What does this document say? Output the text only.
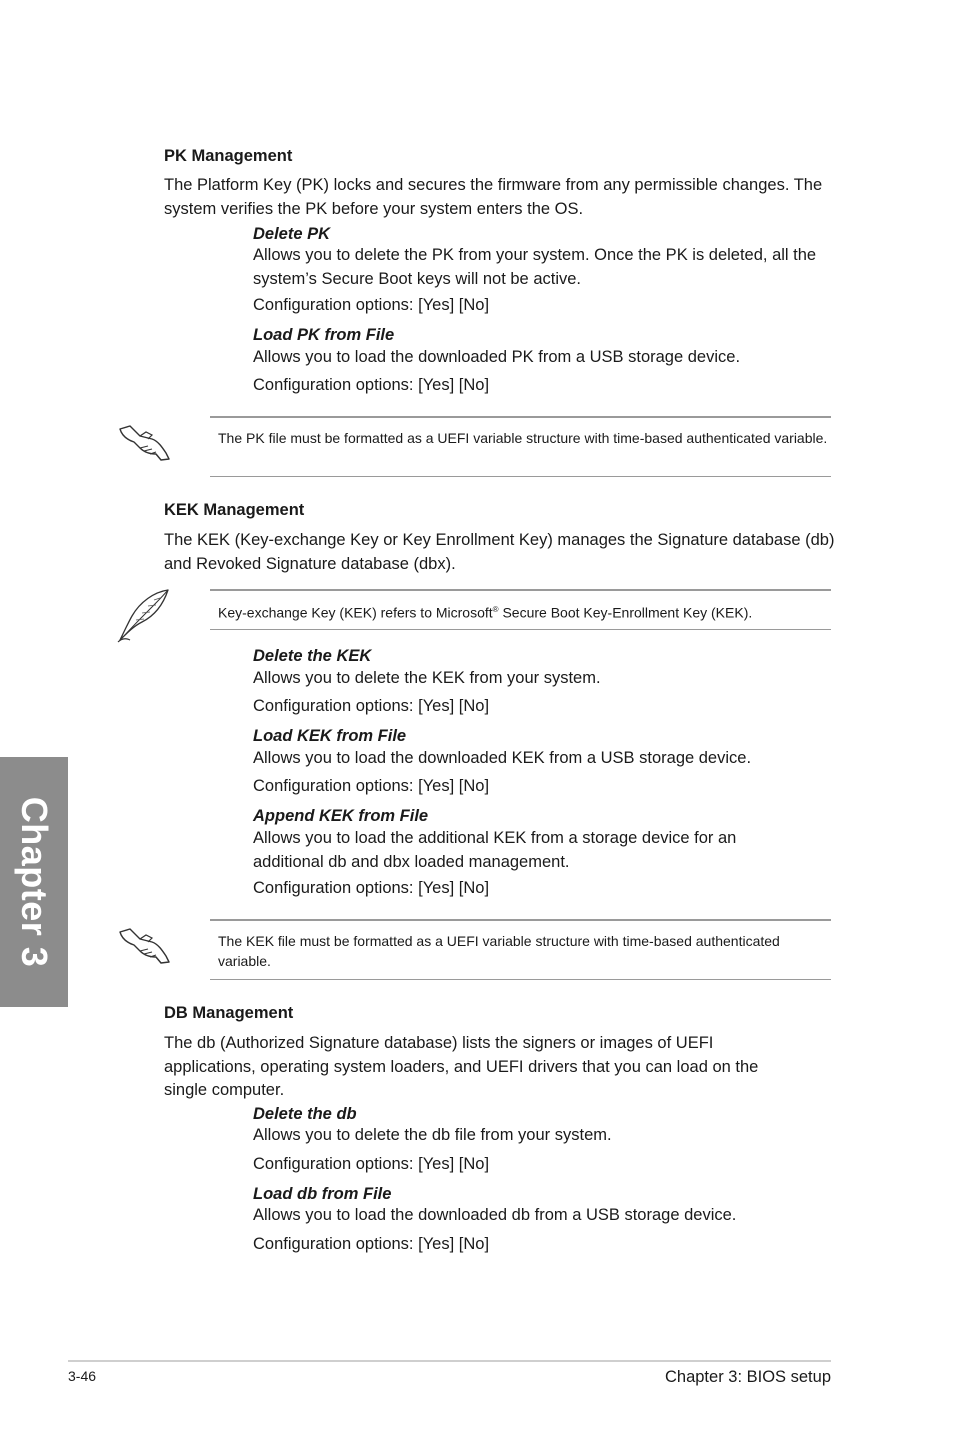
PK Management
The Platform Key (PK) locks and secures the firmware from any permissible changes. The system verifies the PK before your system enters the OS.
Delete PK
Allows you to delete the PK from your system. Once the PK is deleted, all the system’s Secure Boot keys will not be active.
Configuration options: [Yes] [No]
Load PK from File
Allows you to load the downloaded PK from a USB storage device.
Configuration options: [Yes] [No]
The PK file must be formatted as a UEFI variable structure with time-based authenticated variable.
KEK Management
The KEK (Key-exchange Key or Key Enrollment Key) manages the Signature database (db) and Revoked Signature database (dbx).
Key-exchange Key (KEK) refers to Microsoft® Secure Boot Key-Enrollment Key (KEK).
Delete the KEK
Allows you to delete the KEK from your system.
Configuration options: [Yes] [No]
Load KEK from File
Allows you to load the downloaded KEK from a USB storage device.
Configuration options: [Yes] [No]
Append KEK from File
Allows you to load the additional KEK from a storage device for an additional db and dbx loaded management.
Configuration options: [Yes] [No]
The KEK file must be formatted as a UEFI variable structure with time-based authenticated variable.
DB Management
The db (Authorized Signature database) lists the signers or images of UEFI applications, operating system loaders, and UEFI drivers that you can load on the single computer.
Delete the db
Allows you to delete the db file from your system.
Configuration options: [Yes] [No]
Load db from File
Allows you to load the downloaded db from a USB storage device.
Configuration options: [Yes] [No]
Chapter 3
3-46	Chapter 3: BIOS setup
